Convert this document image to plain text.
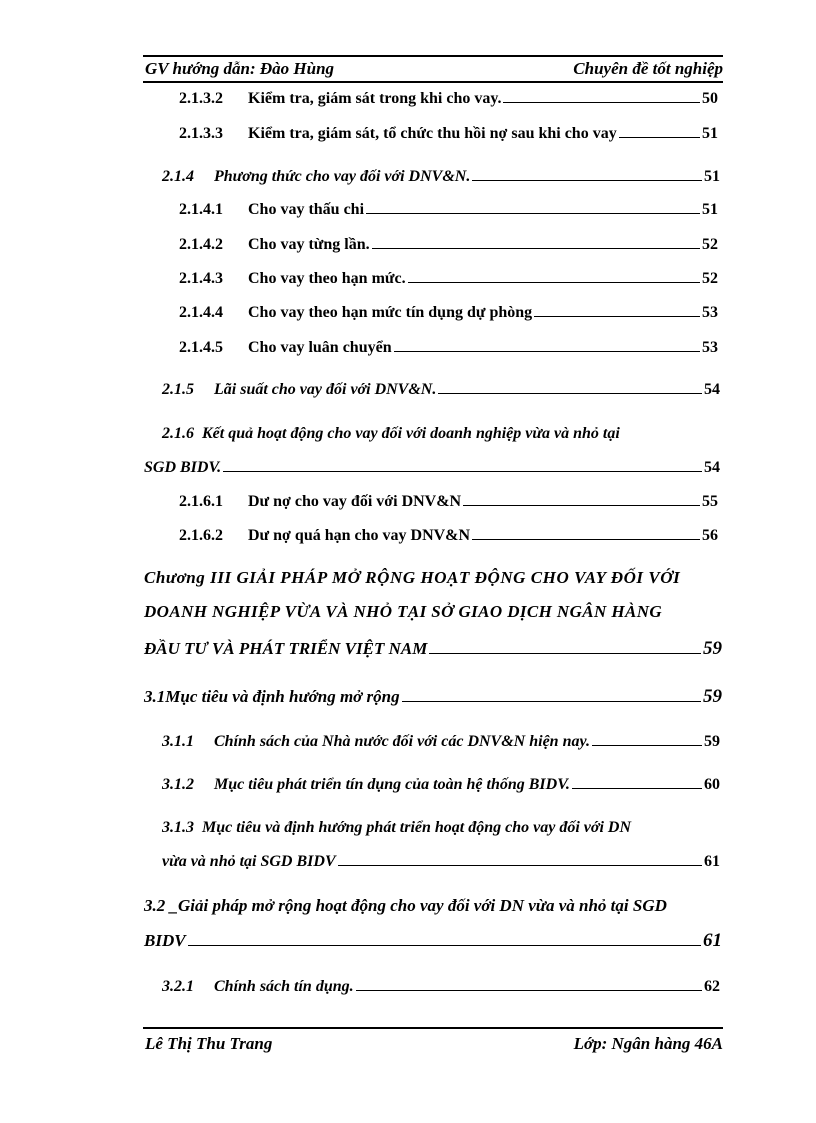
GV hướng dẫn: Đào Hùng	Chuyên đề tốt nghiệp
2.1.3.2	Kiểm tra, giám sát trong khi cho vay.	50
2.1.3.3	Kiểm tra, giám sát, tổ chức thu hồi nợ sau khi cho vay	51
2.1.4	Phương thức cho vay đối với DNV&N.	51
2.1.4.1	Cho vay thấu chi	51
2.1.4.2	Cho vay từng lần.	52
2.1.4.3	Cho vay theo hạn mức.	52
2.1.4.4	Cho vay theo hạn mức tín dụng dự phòng	53
2.1.4.5	Cho vay luân chuyển	53
2.1.5	Lãi suất cho vay đối với DNV&N.	54
2.1.6 Kết quả hoạt động cho vay đối với doanh nghiệp vừa và nhỏ tại
SGD BIDV.	54
2.1.6.1	Dư nợ cho vay đối với DNV&N	55
2.1.6.2	Dư nợ quá hạn cho vay DNV&N	56
Chương III GIẢI PHÁP MỞ RỘNG HOẠT ĐỘNG CHO VAY ĐỐI VỚI
DOANH NGHIỆP VỪA VÀ NHỎ TẠI SỞ GIAO DỊCH NGÂN HÀNG
ĐẦU TƯ VÀ PHÁT TRIỂN VIỆT NAM	59
3.1Mục tiêu và định hướng mở rộng	59
3.1.1	Chính sách của Nhà nước đối với các DNV&N hiện nay.	59
3.1.2	Mục tiêu phát triển tín dụng của toàn hệ thống BIDV.	60
3.1.3 Mục tiêu và định hướng phát triển hoạt động cho vay đối với DN
vừa và nhỏ tại SGD BIDV	61
3.2 _Giải pháp mở rộng hoạt động cho vay đối với DN vừa và nhỏ tại SGD
BIDV	61
3.2.1	Chính sách tín dụng.	62
Lê Thị Thu Trang	Lớp: Ngân hàng 46A
